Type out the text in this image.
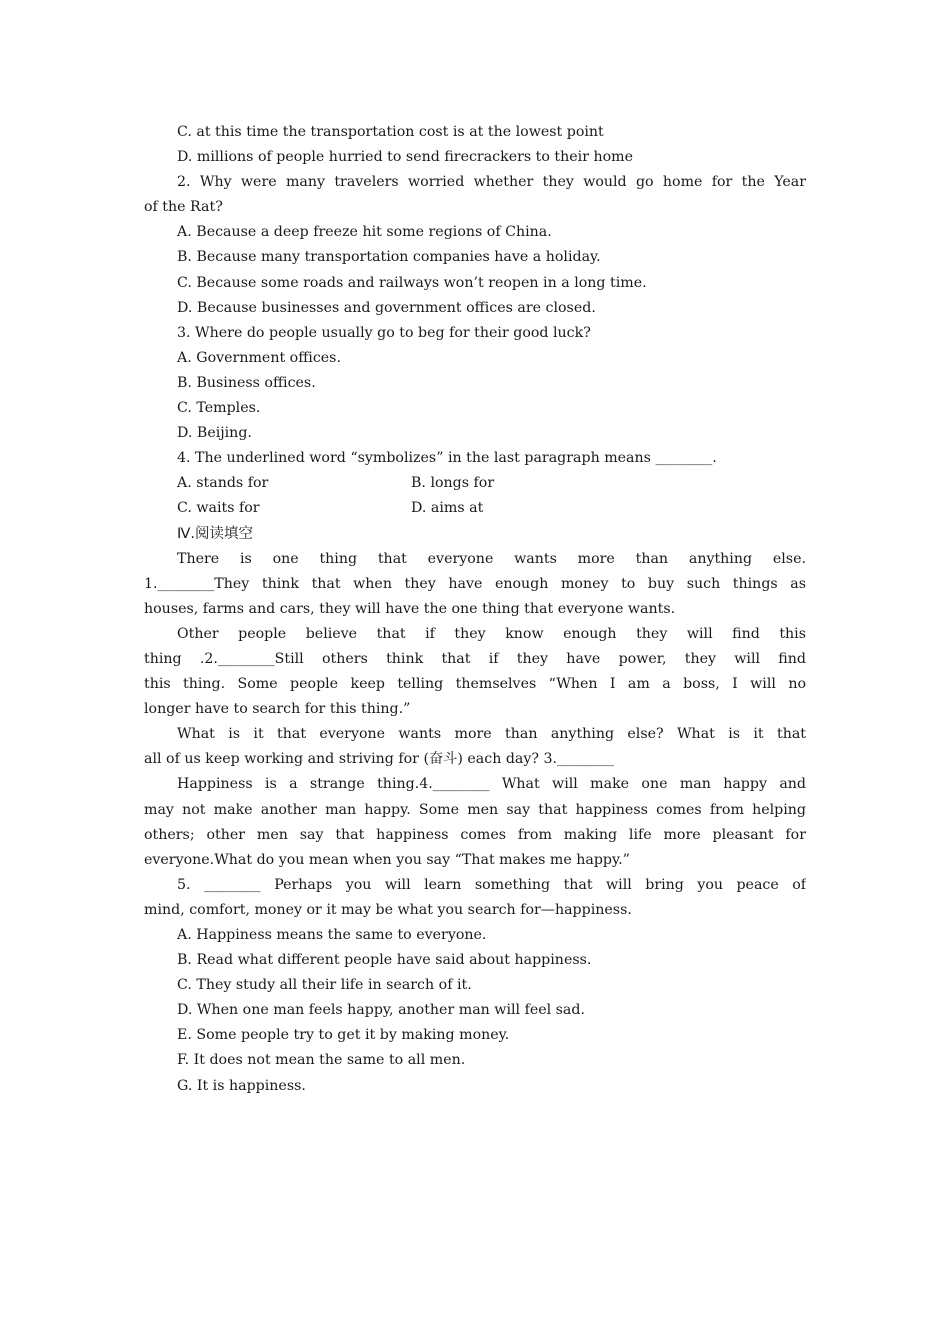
C. at this time the transportation cost is at the lowest point
D. millions of people hurried to send firecrackers to their home
2. Why were many travelers worried whether they would go home for the Year
of the Rat?
A. Because a deep freeze hit some regions of China.
B. Because many transportation companies have a holiday.
C. Because some roads and railways won’t reopen in a long time.
D. Because businesses and government offices are closed.
3. Where do people usually go to beg for their good luck?
A. Government offices.
B. Business offices.
C. Temples.
D. Beijing.
4. The underlined word “symbolizes” in the last paragraph means ________.
A. stands for	B. longs for
C. waits for	D. aims at
Ⅳ.阅读填空
There is one thing that everyone wants more than anything else.
1.________They think that when they have enough money to buy such things as
houses, farms and cars, they will have the one thing that everyone wants.
Other people believe that if they know enough they will find this
thing .2.________Still others think that if they have power, they will find
this thing. Some people keep telling themselves “When I am a boss, I will no
longer have to search for this thing.”
What is it that everyone wants more than anything else? What is it that
all of us keep working and striving for (奋斗) each day? 3.________
Happiness is a strange thing.4.________ What will make one man happy and
may not make another man happy. Some men say that happiness comes from helping
others; other men say that happiness comes from making life more pleasant for
everyone.What do you mean when you say “That makes me happy.”
5. ________ Perhaps you will learn something that will bring you peace of
mind, comfort, money or it may be what you search for—happiness.
A. Happiness means the same to everyone.
B. Read what different people have said about happiness.
C. They study all their life in search of it.
D. When one man feels happy, another man will feel sad.
E. Some people try to get it by making money.
F. It does not mean the same to all men.
G. It is happiness.
